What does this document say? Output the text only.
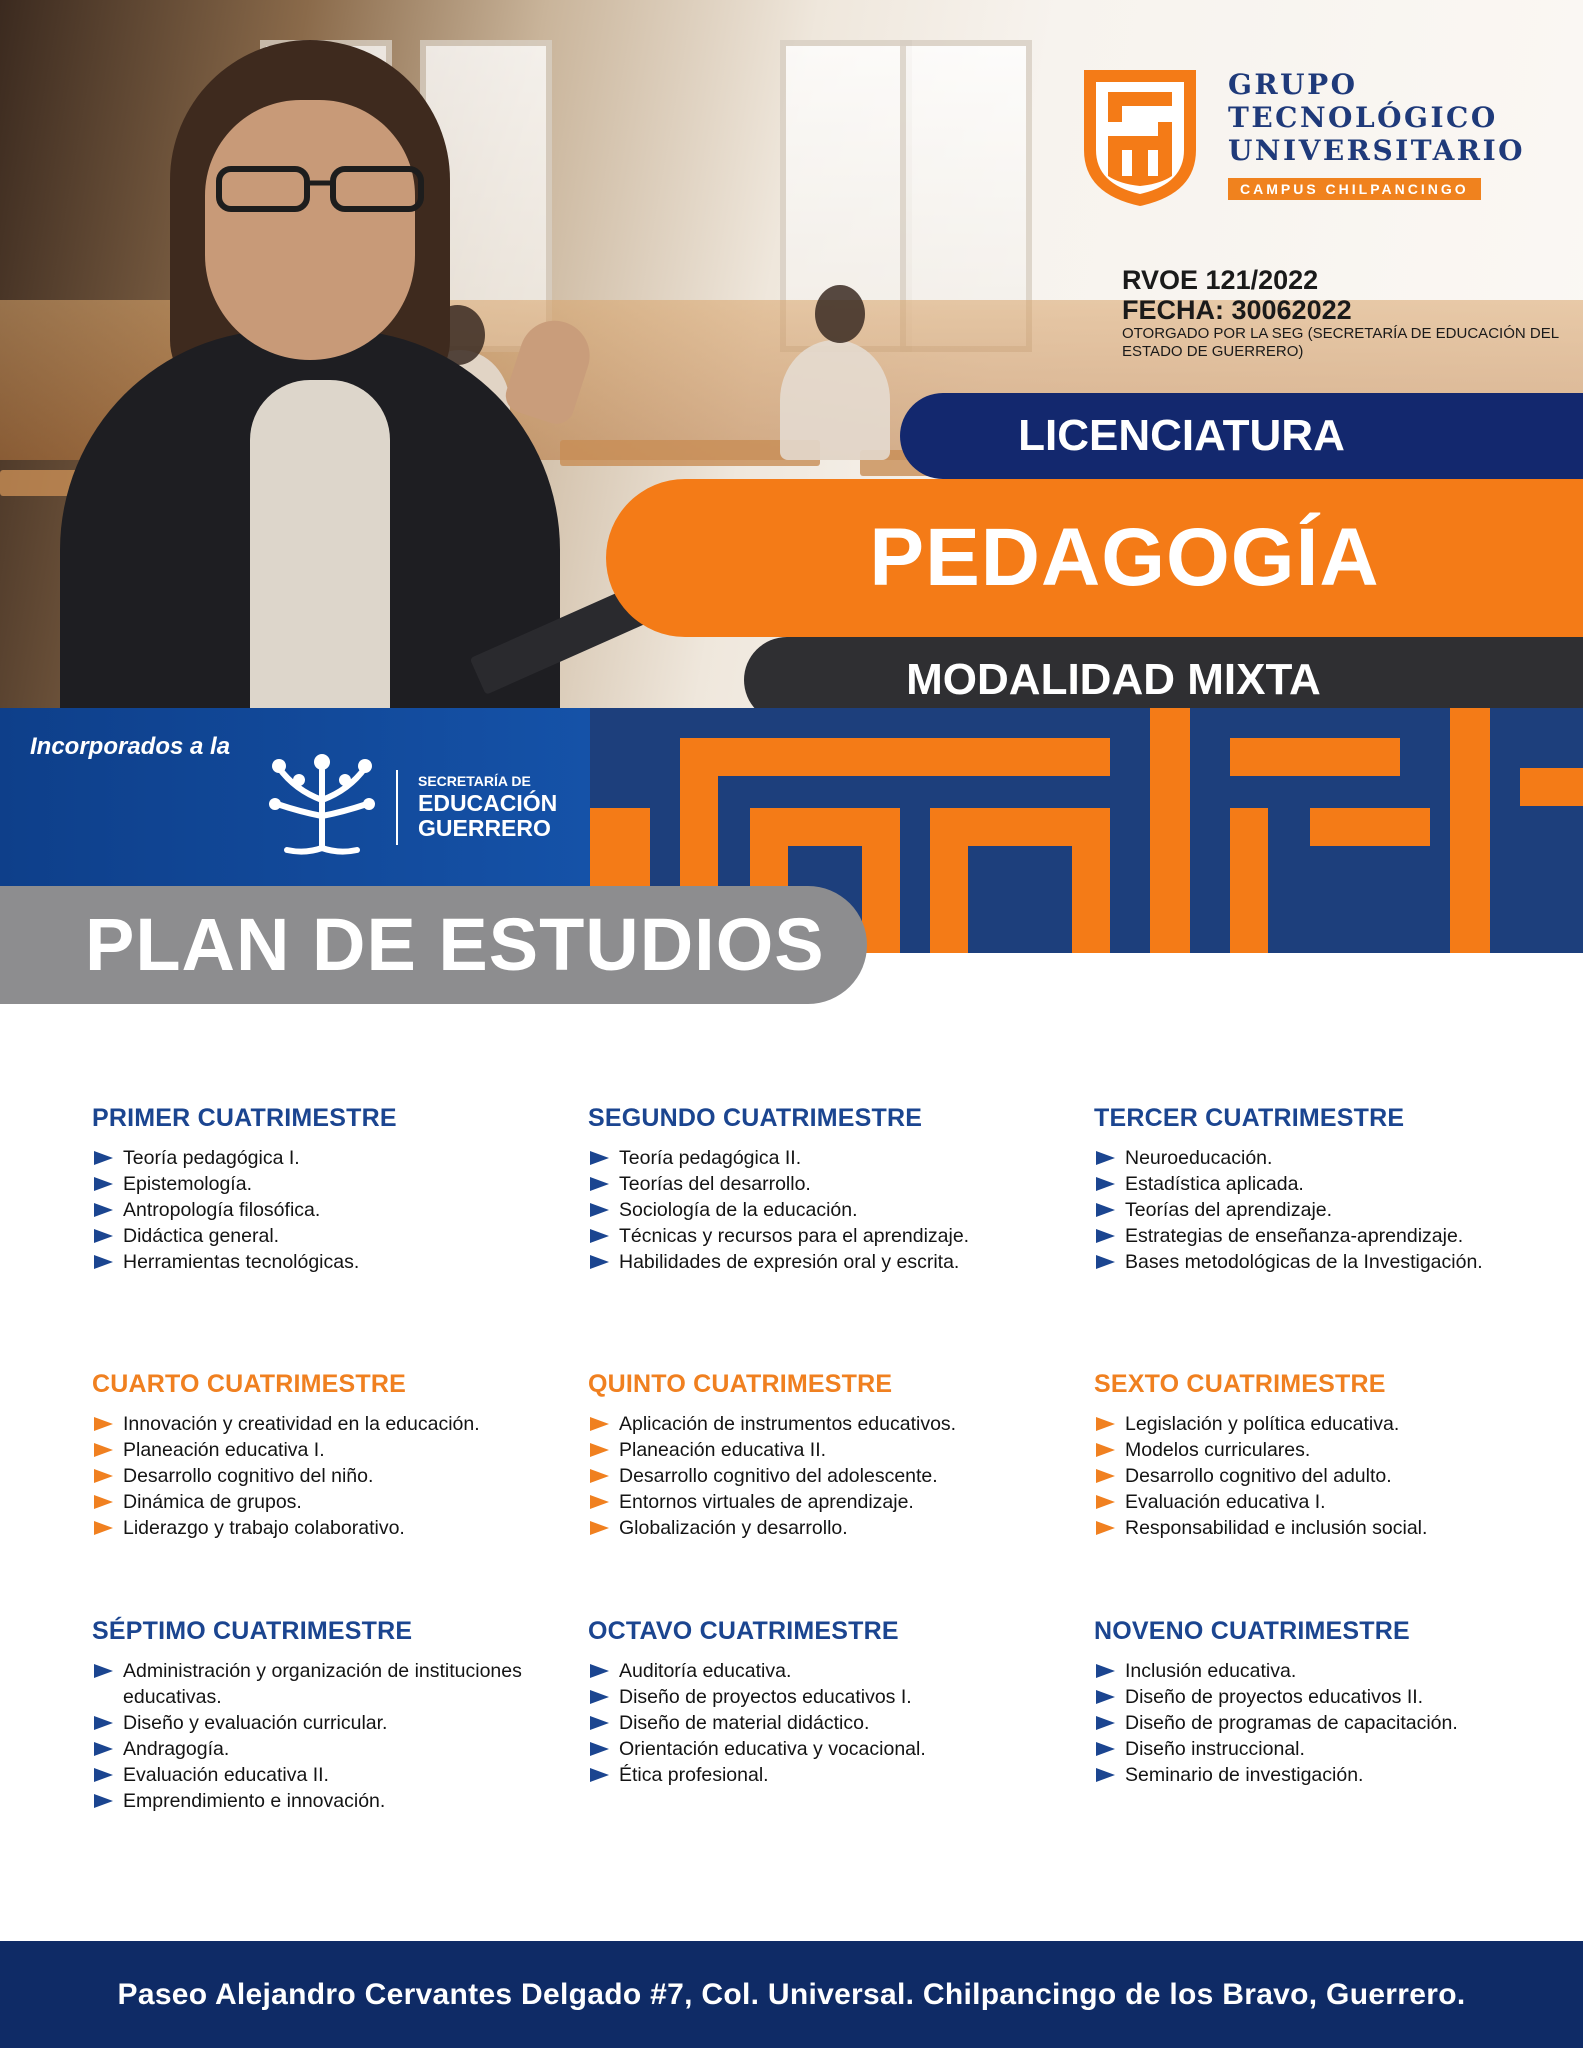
GRUPO
TECNOLÓGICO
UNIVERSITARIO
CAMPUS CHILPANCINGO
RVOE 121/2022
FECHA: 30062022
OTORGADO POR LA SEG (SECRETARÍA DE EDUCACIÓN DEL ESTADO DE GUERRERO)
LICENCIATURA
PEDAGOGÍA
MODALIDAD MIXTA
Incorporados a la
SECRETARÍA DE
EDUCACIÓN
GUERRERO
PLAN DE ESTUDIOS
PRIMER CUATRIMESTRE
Teoría pedagógica I.
Epistemología.
Antropología filosófica.
Didáctica general.
Herramientas tecnológicas.
SEGUNDO CUATRIMESTRE
Teoría pedagógica II.
Teorías del desarrollo.
Sociología de la educación.
Técnicas y recursos para el aprendizaje.
Habilidades de expresión oral y escrita.
TERCER CUATRIMESTRE
Neuroeducación.
Estadística aplicada.
Teorías del aprendizaje.
Estrategias de enseñanza-aprendizaje.
Bases metodológicas de la Investigación.
CUARTO CUATRIMESTRE
Innovación y creatividad en la educación.
Planeación educativa I.
Desarrollo cognitivo del niño.
Dinámica de grupos.
Liderazgo y trabajo colaborativo.
QUINTO CUATRIMESTRE
Aplicación de instrumentos educativos.
Planeación educativa II.
Desarrollo cognitivo del adolescente.
Entornos virtuales de aprendizaje.
Globalización y desarrollo.
SEXTO CUATRIMESTRE
Legislación y política educativa.
Modelos curriculares.
Desarrollo cognitivo del adulto.
Evaluación educativa I.
Responsabilidad e inclusión social.
SÉPTIMO CUATRIMESTRE
Administración y organización de instituciones educativas.
Diseño y evaluación curricular.
Andragogía.
Evaluación educativa II.
Emprendimiento e innovación.
OCTAVO CUATRIMESTRE
Auditoría educativa.
Diseño de proyectos educativos I.
Diseño de material didáctico.
Orientación educativa y vocacional.
Ética profesional.
NOVENO CUATRIMESTRE
Inclusión educativa.
Diseño de proyectos educativos II.
Diseño de programas de capacitación.
Diseño instruccional.
Seminario de investigación.
Paseo Alejandro Cervantes Delgado #7, Col. Universal. Chilpancingo de los Bravo, Guerrero.
